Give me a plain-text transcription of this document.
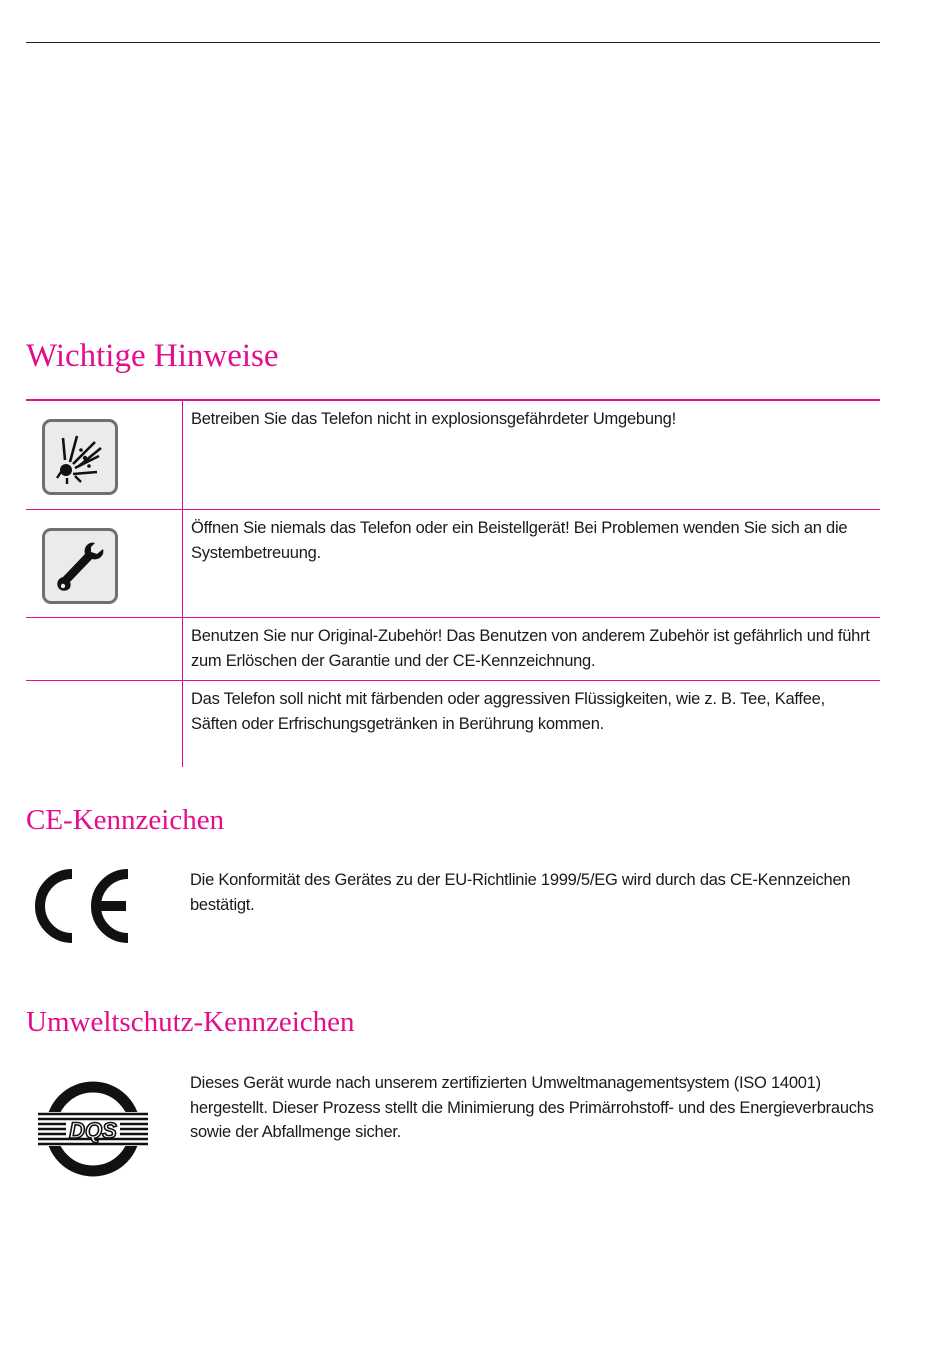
Wichtige Hinweise
Betreiben Sie das Telefon nicht in explosionsgefährdeter Umgebung!
Öffnen Sie niemals das Telefon oder ein Beistellgerät! Bei Problemen wenden Sie sich an die Systembetreuung.
Benutzen Sie nur Original-Zubehör! Das Benutzen von anderem Zubehör ist gefährlich und führt zum Erlöschen der Garantie und der CE-Kennzeichnung.
Das Telefon soll nicht mit färbenden oder aggressiven Flüssigkeiten, wie z. B. Tee, Kaffee, Säften oder Erfrischungsgetränken in Berührung kommen.
CE-Kennzeichen
Die Konformität des Gerätes zu der EU-Richtlinie 1999/5/EG wird durch das CE-Kennzeichen bestätigt.
Umweltschutz-Kennzeichen
DQS
Dieses Gerät wurde nach unserem zertifizierten Umweltmanagementsystem (ISO 14001) hergestellt. Dieser Prozess stellt die Minimierung des Primärrohstoff- und des Energieverbrauchs sowie der Abfallmenge sicher.
